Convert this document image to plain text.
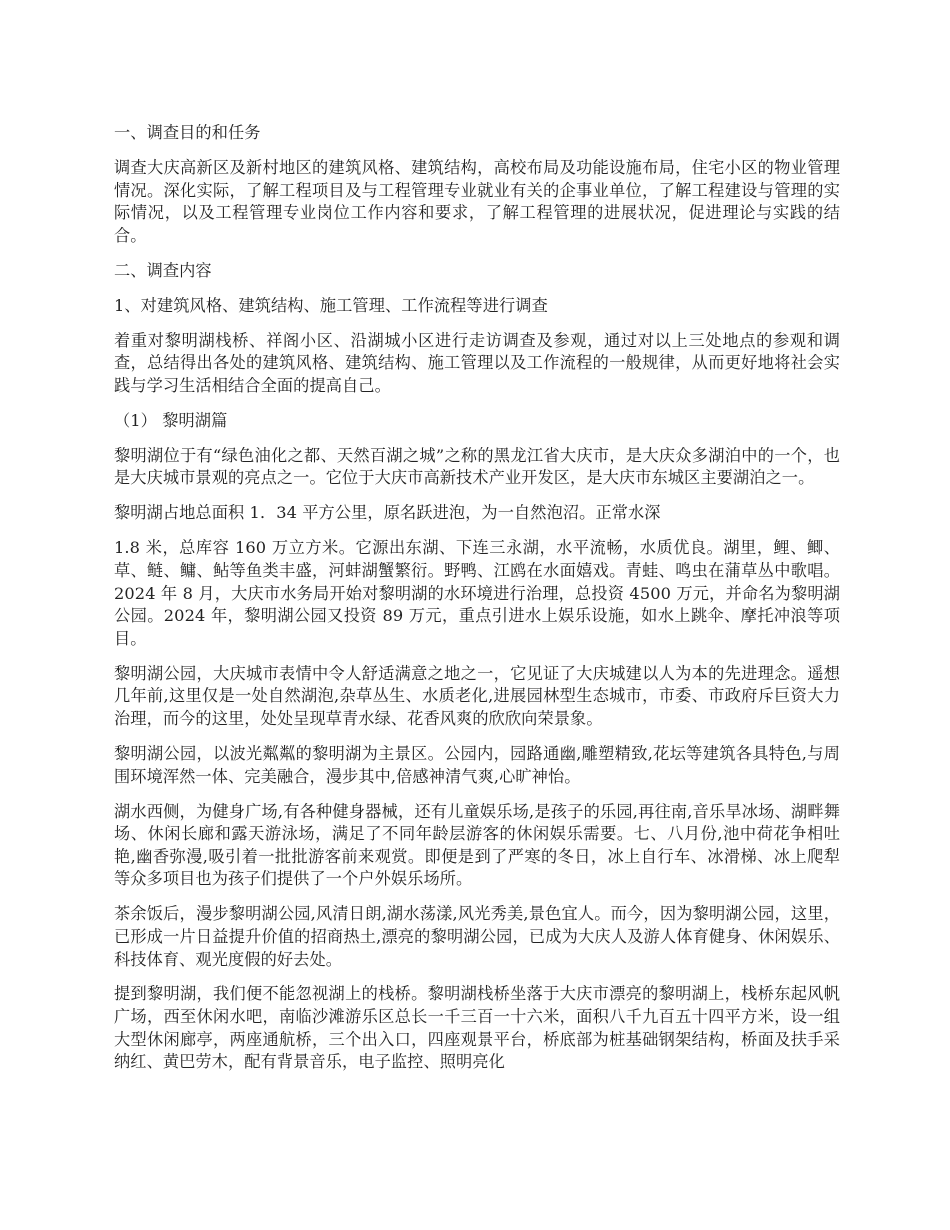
一、调查目的和任务

调查大庆高新区及新村地区的建筑风格、建筑结构，高校布局及功能设施布局，住宅小区的物业管理情况。深化实际，了解工程项目及与工程管理专业就业有关的企事业单位，了解工程建设与管理的实际情况，以及工程管理专业岗位工作内容和要求，了解工程管理的进展状况，促进理论与实践的结合。

二、调查内容

1、对建筑风格、建筑结构、施工管理、工作流程等进行调查

着重对黎明湖栈桥、祥阁小区、沿湖城小区进行走访调查及参观，通过对以上三处地点的参观和调查，总结得出各处的建筑风格、建筑结构、施工管理以及工作流程的一般规律，从而更好地将社会实践与学习生活相结合全面的提高自己。

（1） 黎明湖篇

黎明湖位于有“绿色油化之都、天然百湖之城”之称的黑龙江省大庆市，是大庆众多湖泊中的一个，也是大庆城市景观的亮点之一。它位于大庆市高新技术产业开发区，是大庆市东城区主要湖泊之一。

黎明湖占地总面积 1．34 平方公里，原名跃进泡，为一自然泡沼。正常水深

1.8 米，总库容 160 万立方米。它源出东湖、下连三永湖，水平流畅，水质优良。湖里，鲤、鲫、草、鲢、鳙、鲇等鱼类丰盛，河蚌湖蟹繁衍。野鸭、江鸥在水面嬉戏。青蛙、鸣虫在蒲草丛中歌唱。2024 年 8 月，大庆市水务局开始对黎明湖的水环境进行治理，总投资 4500 万元，并命名为黎明湖公园。2024 年，黎明湖公园又投资 89 万元，重点引进水上娱乐设施，如水上跳伞、摩托冲浪等项目。

黎明湖公园，大庆城市表情中令人舒适满意之地之一，它见证了大庆城建以人为本的先进理念。遥想几年前,这里仅是一处自然湖泡,杂草丛生、水质老化,进展园林型生态城市，市委、市政府斥巨资大力治理，而今的这里，处处呈现草青水绿、花香风爽的欣欣向荣景象。

黎明湖公园，以波光粼粼的黎明湖为主景区。公园内，园路通幽,雕塑精致,花坛等建筑各具特色,与周围环境浑然一体、完美融合，漫步其中,倍感神清气爽,心旷神怡。

湖水西侧，为健身广场,有各种健身器械，还有儿童娱乐场,是孩子的乐园,再往南,音乐旱冰场、湖畔舞场、休闲长廊和露天游泳场，满足了不同年龄层游客的休闲娱乐需要。七、八月份,池中荷花争相吐艳,幽香弥漫,吸引着一批批游客前来观赏。即便是到了严寒的冬日，冰上自行车、冰滑梯、冰上爬犁等众多项目也为孩子们提供了一个户外娱乐场所。

茶余饭后，漫步黎明湖公园,风清日朗,湖水荡漾,风光秀美,景色宜人。而今，因为黎明湖公园，这里，已形成一片日益提升价值的招商热土,漂亮的黎明湖公园，已成为大庆人及游人体育健身、休闲娱乐、科技体育、观光度假的好去处。

提到黎明湖，我们便不能忽视湖上的栈桥。黎明湖栈桥坐落于大庆市漂亮的黎明湖上，栈桥东起风帆广场，西至休闲水吧，南临沙滩游乐区总长一千三百一十六米，面积八千九百五十四平方米，设一组大型休闲廊亭，两座通航桥，三个出入口，四座观景平台，桥底部为桩基础钢架结构，桥面及扶手采纳红、黄巴劳木，配有背景音乐，电子监控、照明亮化
